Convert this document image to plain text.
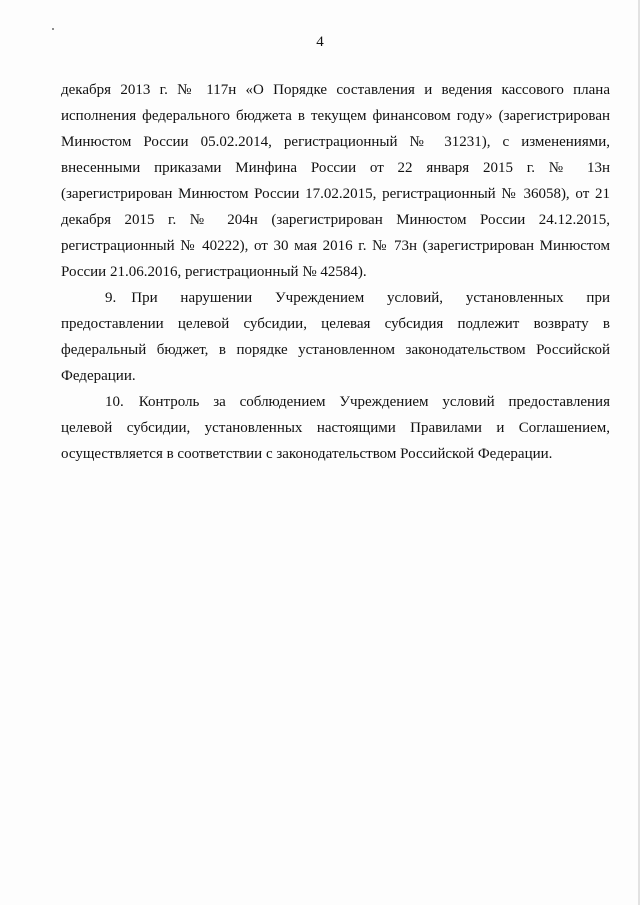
4

декабря 2013 г. № 117н «О Порядке составления и ведения кассового плана исполнения федерального бюджета в текущем финансовом году» (зарегистрирован Минюстом России 05.02.2014, регистрационный № 31231), с изменениями, внесенными приказами Минфина России от 22 января 2015 г. № 13н (зарегистрирован Минюстом России 17.02.2015, регистрационный № 36058), от 21 декабря 2015 г. № 204н (зарегистрирован Минюстом России 24.12.2015, регистрационный № 40222), от 30 мая 2016 г. № 73н (зарегистрирован Минюстом России 21.06.2016, регистрационный № 42584).

9. При нарушении Учреждением условий, установленных при предоставлении целевой субсидии, целевая субсидия подлежит возврату в федеральный бюджет, в порядке установленном законодательством Российской Федерации.

10. Контроль за соблюдением Учреждением условий предоставления целевой субсидии, установленных настоящими Правилами и Соглашением, осуществляется в соответствии с законодательством Российской Федерации.
